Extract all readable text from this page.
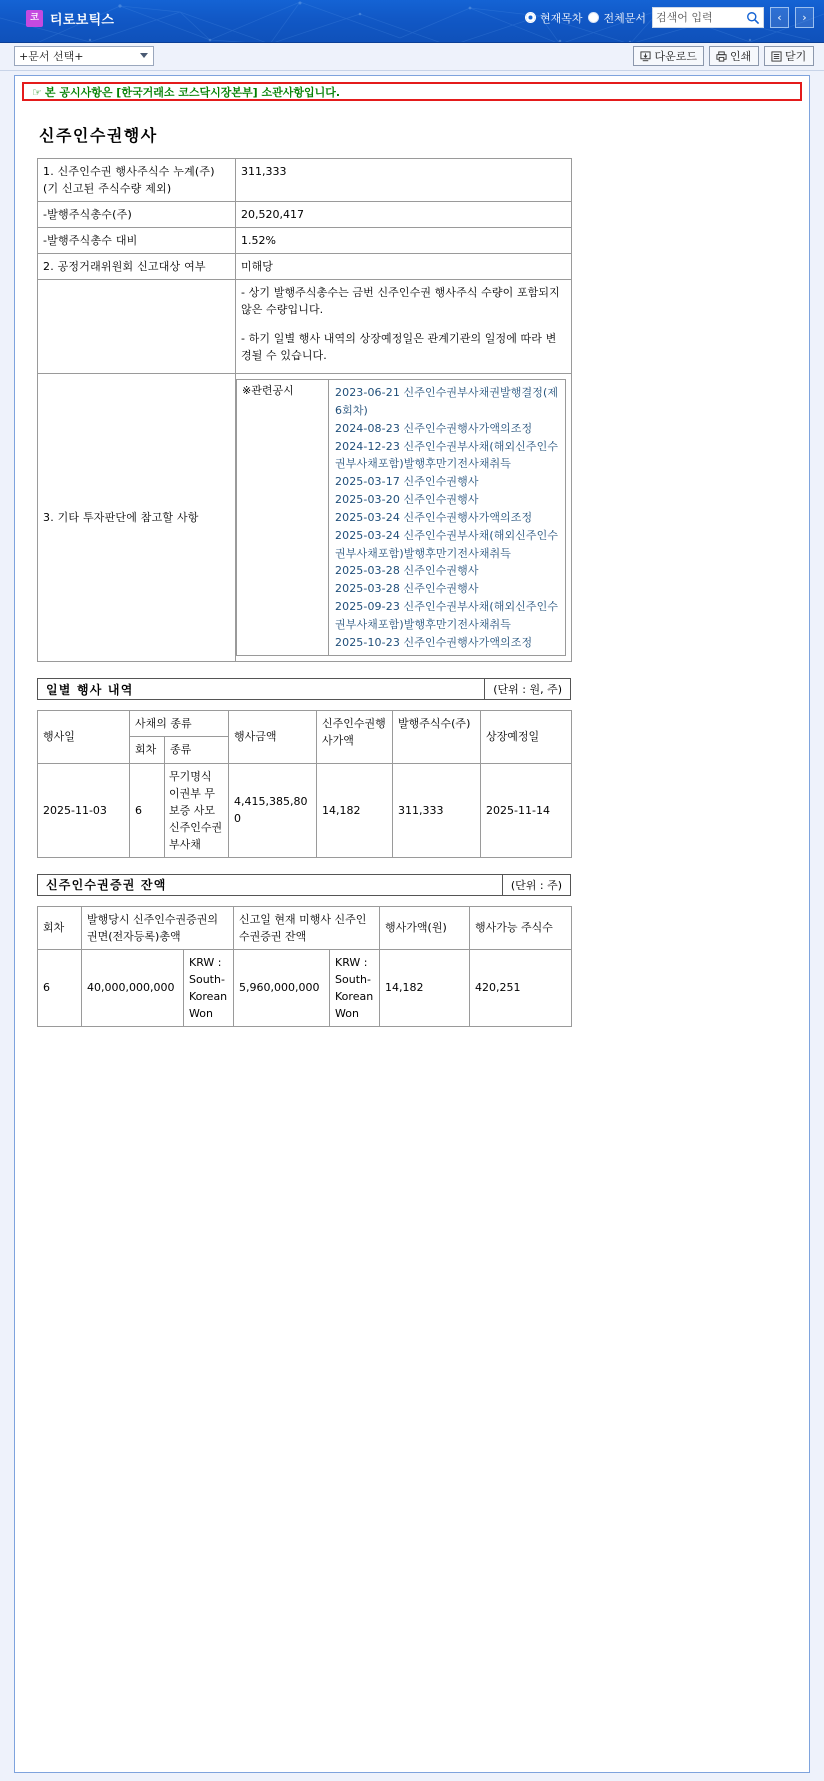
코 티로보틱스	현재목차 전체문서
검색어 입력	‹	›
+문서 선택+	다운로드	인쇄	닫기
☞ 본 공시사항은 [한국거래소 코스닥시장본부] 소관사항입니다.
신주인수권행사
1. 신주인수권 행사주식수 누계(주)(기 신고된 주식수량 제외)	311,333
-발행주식총수(주)	20,520,417
-발행주식총수 대비	1.52%
2. 공정거래위원회 신고대상 여부	미해당

- 상기 발행주식총수는 금번 신주인수권 행사주식 수량이 포함되지 않은 수량입니다.

- 하기 일별 행사 내역의 상장예정일은 관계기관의 일정에 따라 변경될 수 있습니다.

3. 기타 투자판단에 참고할 사항	
※관련공시	2023-06-21 신주인수권부사채권발행결정(제6회차)
2024-08-23 신주인수권행사가액의조정
2024-12-23 신주인수권부사채(해외신주인수권부사채포함)발행후만기전사채취득
2025-03-17 신주인수권행사
2025-03-20 신주인수권행사
2025-03-24 신주인수권행사가액의조정
2025-03-24 신주인수권부사채(해외신주인수권부사채포함)발행후만기전사채취득
2025-03-28 신주인수권행사
2025-03-28 신주인수권행사
2025-09-23 신주인수권부사채(해외신주인수권부사채포함)발행후만기전사채취득
2025-10-23 신주인수권행사가액의조정
일별 행사 내역	(단위 : 원, 주)
행사일	사채의 종류		행사금액	신주인수권행사가액	발행주식수(주)	상장예정일
	회차	종류				
2025-11-03	6	무기명식 이권부 무보증 사모 신주인수권부사채	4,415,385,800	14,182	311,333	2025-11-14
신주인수권증권 잔액	(단위 : 주)
회차	발행당시 신주인수권증권의 권면(전자등록)총액		신고일 현재 미행사 신주인수권증권 잔액		행사가액(원)	행사가능 주식수
6	40,000,000,000	KRW : South-Korean Won	5,960,000,000	KRW : South-Korean Won	14,182	420,251
